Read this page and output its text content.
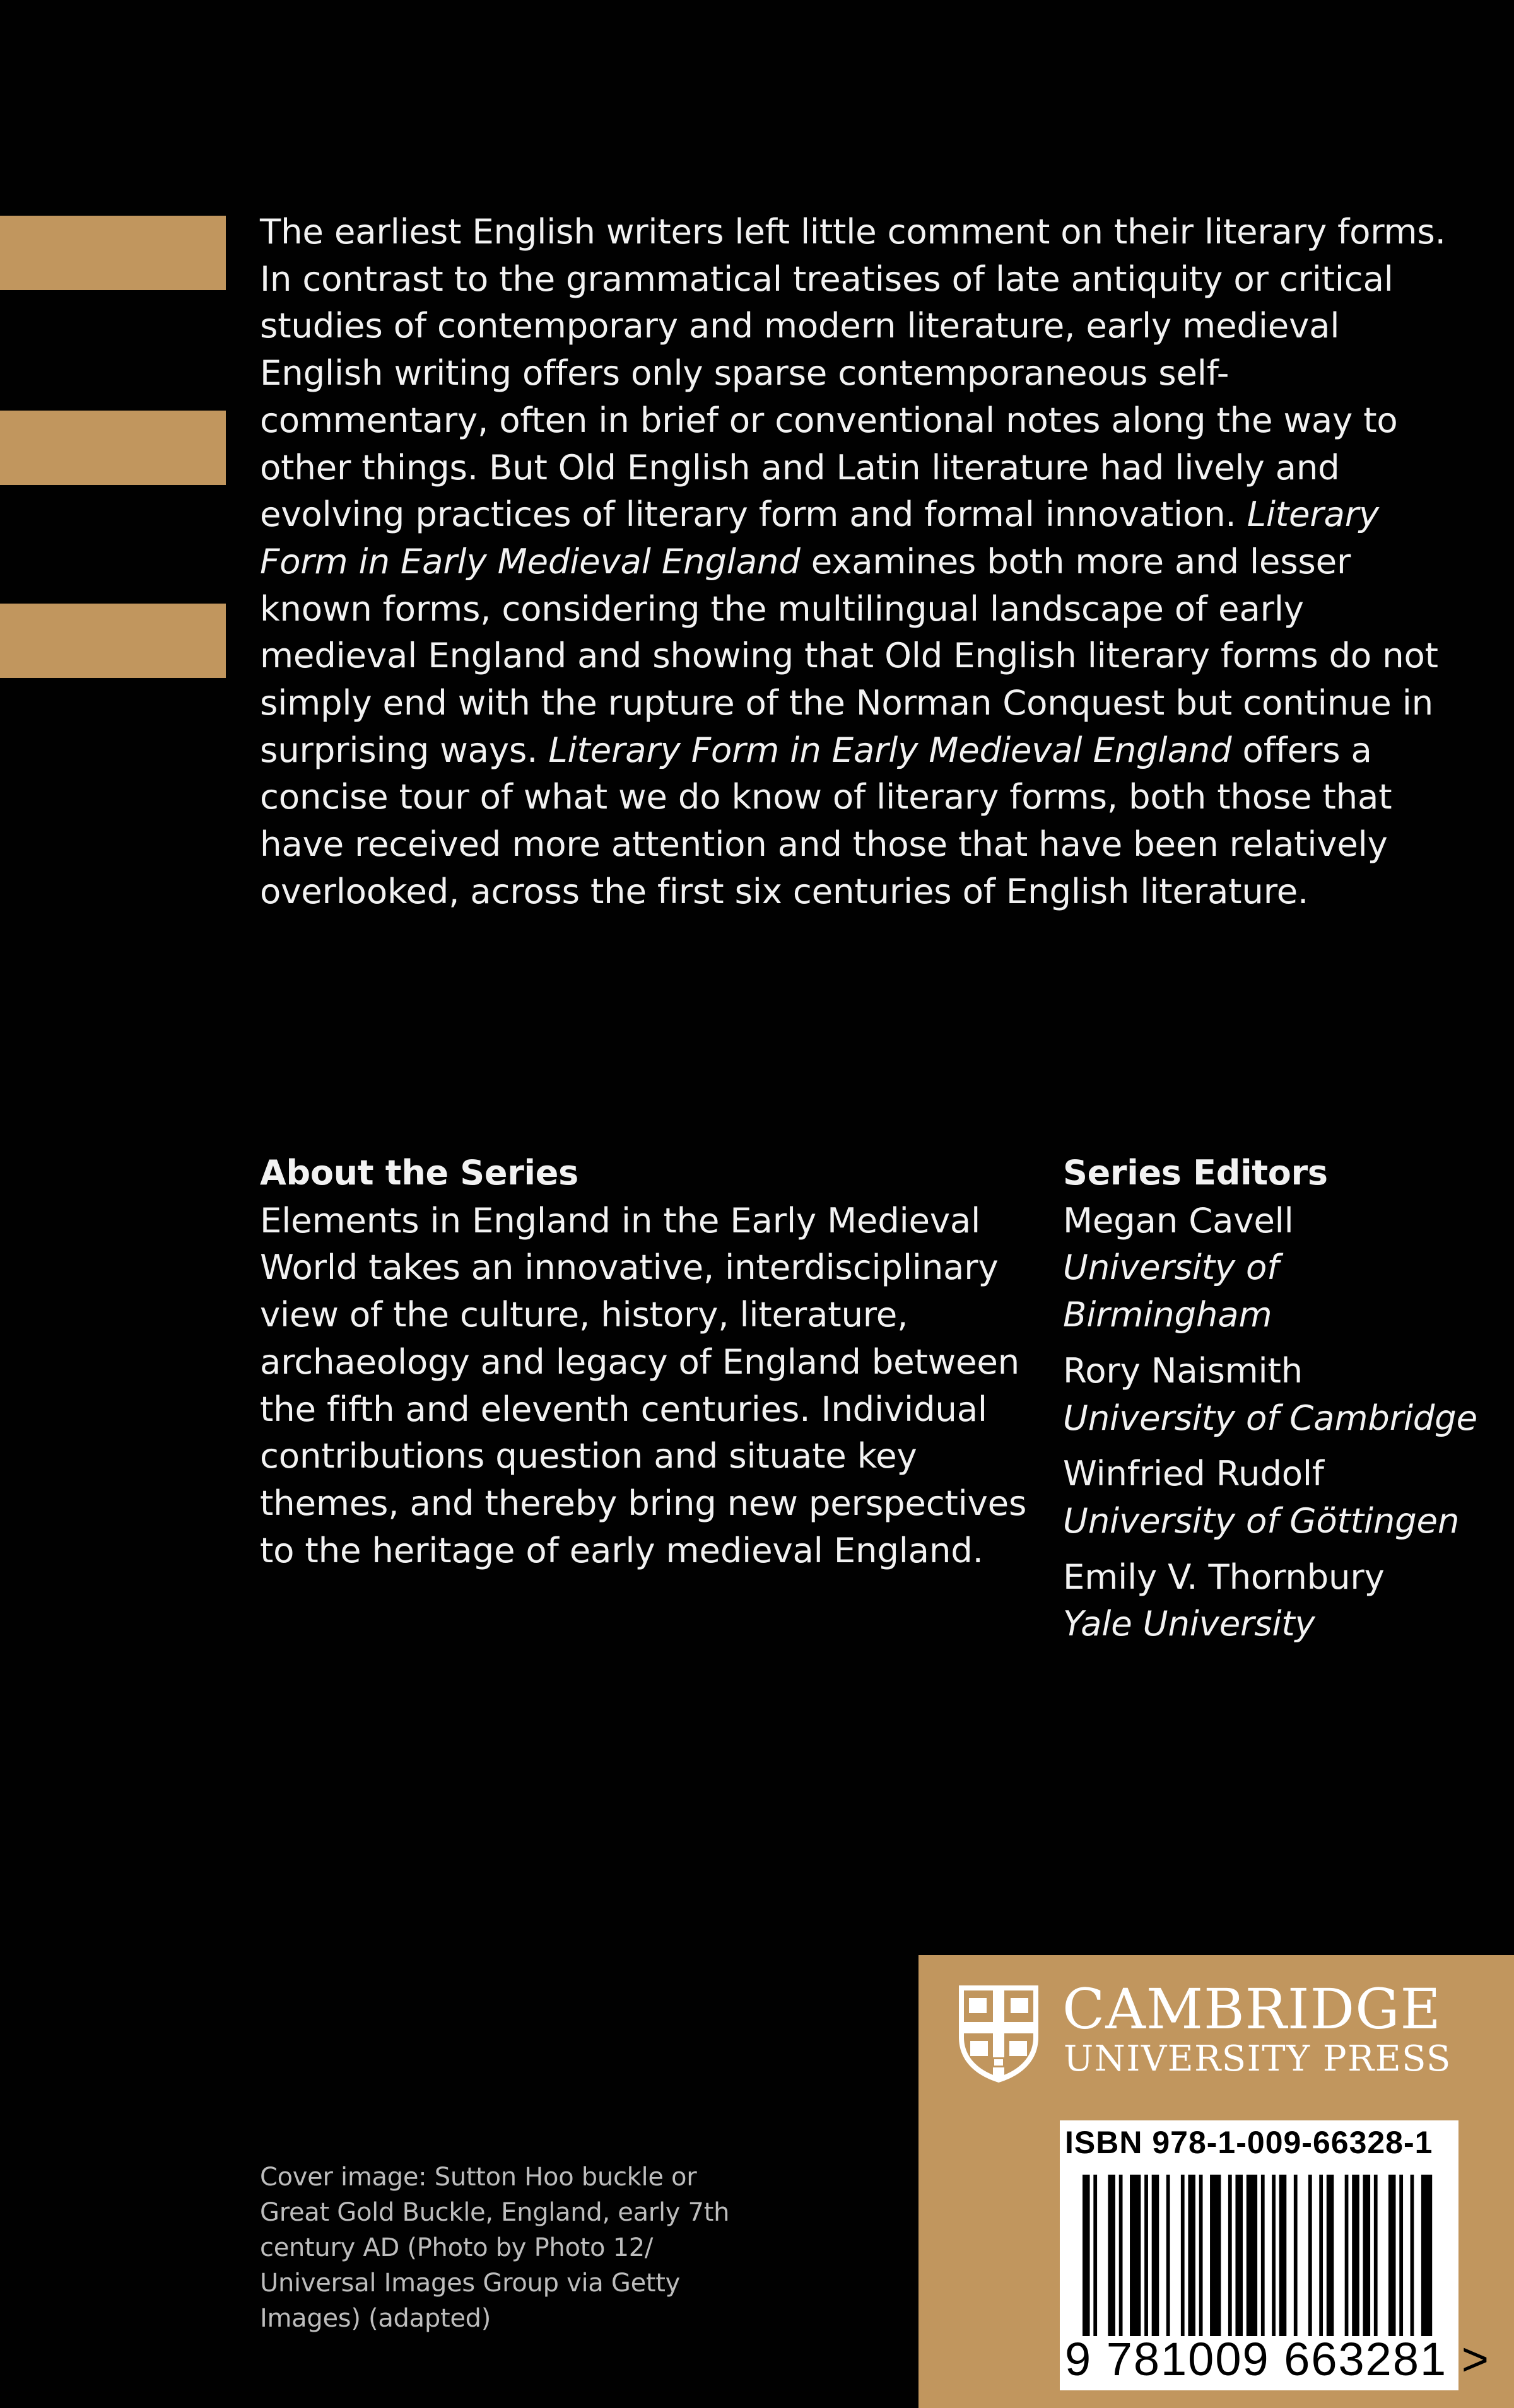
The earliest English writers left little comment on their literary forms. In contrast to the grammatical treatises of late antiquity or critical studies of contemporary and modern literature, early medieval English writing offers only sparse contemporaneous self-commentary, often in brief or conventional notes along the way to other things. But Old English and Latin literature had lively and evolving practices of literary form and formal innovation. Literary Form in Early Medieval England examines both more and lesser known forms, considering the multilingual landscape of early medieval England and showing that Old English literary forms do not simply end with the rupture of the Norman Conquest but continue in surprising ways. Literary Form in Early Medieval England offers a concise tour of what we do know of literary forms, both those that have received more attention and those that have been relatively overlooked, across the first six centuries of English literature.

About the Series

Elements in England in the Early Medieval World takes an innovative, interdisciplinary view of the culture, history, literature, archaeology and legacy of England between the fifth and eleventh centuries. Individual contributions question and situate key themes, and thereby bring new perspectives to the heritage of early medieval England.

Series Editors
Megan Cavell
University of Birmingham
Rory Naismith
University of Cambridge
Winfried Rudolf
University of Göttingen
Emily V. Thornbury
Yale University

Cover image: Sutton Hoo buckle or Great Gold Buckle, England, early 7th century AD (Photo by Photo 12/ Universal Images Group via Getty Images) (adapted)

CAMBRIDGE

UNIVERSITY PRESS

ISBN 978-1-009-66328-1

9 781009 663281 >
